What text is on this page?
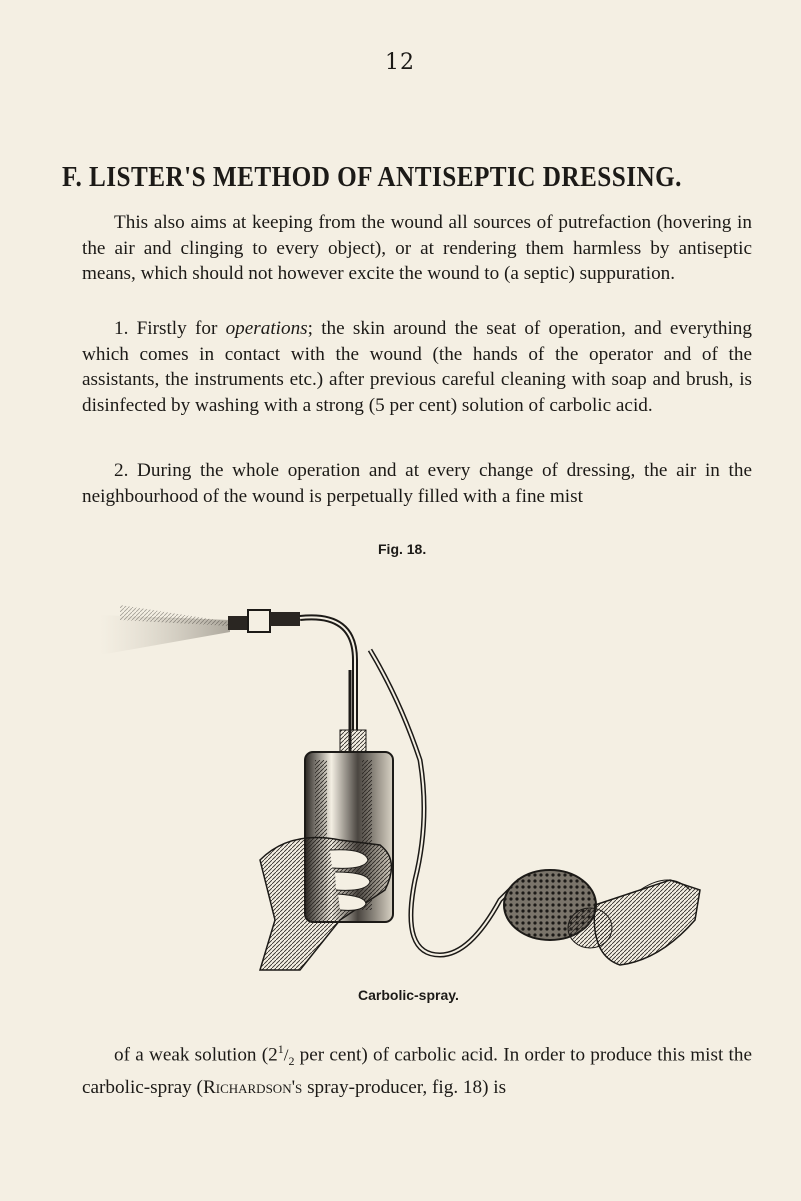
12
F. LISTER'S METHOD OF ANTISEPTIC DRESSING.

This also aims at keeping from the wound all sources of putrefaction (hovering in the air and clinging to every object), or at rendering them harmless by antiseptic means, which should not however excite the wound to (a septic) suppuration.

1. Firstly for operations; the skin around the seat of operation, and everything which comes in contact with the wound (the hands of the operator and of the assistants, the instruments etc.) after previous careful cleaning with soap and brush, is disinfected by washing with a strong (5 per cent) solution of carbolic acid.

2. During the whole operation and at every change of dressing, the air in the neighbourhood of the wound is perpetually filled with a fine mist

Fig. 18.
Carbolic-spray.

of a weak solution ($2^1/_2$ per cent) of carbolic acid. In order to produce this mist the carbolic-spray (Richardson's spray-producer, fig. 18) is
